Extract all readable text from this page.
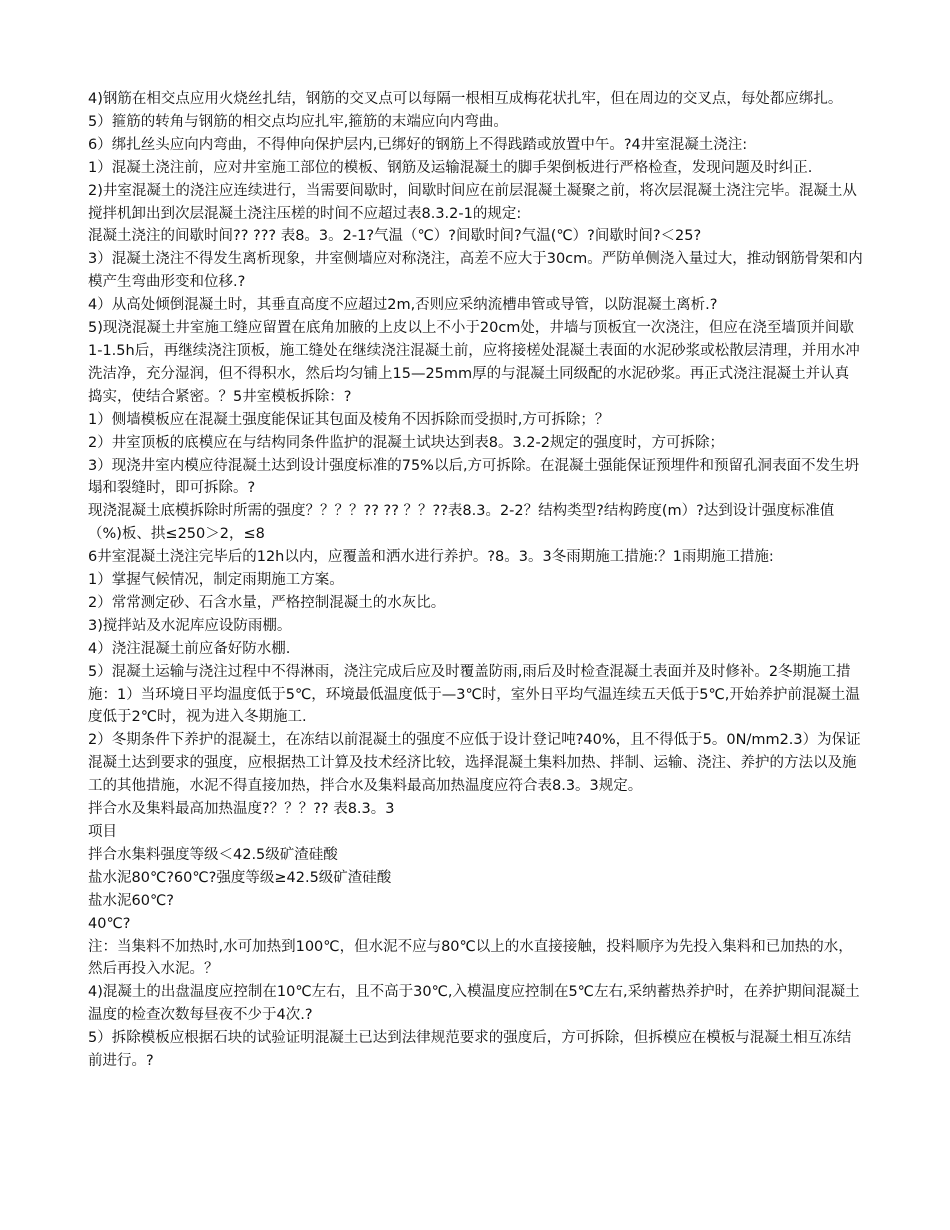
4)钢筋在相交点应用火烧丝扎结，钢筋的交叉点可以每隔一根相互成梅花状扎牢，但在周边的交叉点，每处都应绑扎。

5）箍筋的转角与钢筋的相交点均应扎牢,箍筋的末端应向内弯曲。

6）绑扎丝头应向内弯曲，不得伸向保护层内,已绑好的钢筋上不得践踏或放置中午。?4井室混凝土浇注:

1）混凝土浇注前，应对井室施工部位的模板、钢筋及运输混凝土的脚手架倒板进行严格检查，发现问题及时纠正.

2)井室混凝土的浇注应连续进行，当需要间歇时，间歇时间应在前层混凝土凝聚之前，将次层混凝土浇注完毕。混凝土从搅拌机卸出到次层混凝土浇注压槎的时间不应超过表8.3.2-1的规定:

混凝土浇注的间歇时间?? ??? 表8。3。2-1?气温（℃）?间歇时间?气温(℃）?间歇时间?＜25?

3）混凝土浇注不得发生离析现象，井室侧墙应对称浇注，高差不应大于30cm。严防单侧浇入量过大，推动钢筋骨架和内模产生弯曲形变和位移.?

4）从高处倾倒混凝土时，其垂直高度不应超过2m,否则应采纳流槽串管或导管，以防混凝土离析.?

5)现浇混凝土井室施工缝应留置在底角加腋的上皮以上不小于20cm处，井墙与顶板宜一次浇注，但应在浇至墙顶并间歇1-1.5h后，再继续浇注顶板，施工缝处在继续浇注混凝土前，应将接槎处混凝土表面的水泥砂浆或松散层清理，并用水冲洗洁净，充分湿润，但不得积水，然后均匀铺上15—25mm厚的与混凝土同级配的水泥砂浆。再正式浇注混凝土并认真捣实，使结合紧密。？5井室模板拆除：?

1）侧墙模板应在混凝土强度能保证其包面及棱角不因拆除而受损时,方可拆除；？

2）井室顶板的底模应在与结构同条件监护的混凝土试块达到表8。3.2-2规定的强度时，方可拆除；

3）现浇井室内模应待混凝土达到设计强度标准的75%以后,方可拆除。在混凝土强能保证预埋件和预留孔洞表面不发生坍塌和裂缝时，即可拆除。?

现浇混凝土底模拆除时所需的强度？？？？?? ?? ？？??表8.3。2-2？结构类型?结构跨度(m）?达到设计强度标准值（%)板、拱≤250＞2，≤8

6井室混凝土浇注完毕后的12h以内，应覆盖和洒水进行养护。?8。3。3冬雨期施工措施:？1雨期施工措施:

1）掌握气候情况，制定雨期施工方案。

2）常常测定砂、石含水量，严格控制混凝土的水灰比。

3)搅拌站及水泥库应设防雨棚。

4）浇注混凝土前应备好防水棚.

5）混凝土运输与浇注过程中不得淋雨，浇注完成后应及时覆盖防雨,雨后及时检查混凝土表面并及时修补。2冬期施工措施：1）当环境日平均温度低于5℃，环境最低温度低于—3℃时，室外日平均气温连续五天低于5℃,开始养护前混凝土温度低于2℃时，视为进入冬期施工.

2）冬期条件下养护的混凝土，在冻结以前混凝土的强度不应低于设计登记吨?40%，且不得低于5。0N/mm2.3）为保证混凝土达到要求的强度，应根据热工计算及技术经济比较，选择混凝土集料加热、拌制、运输、浇注、养护的方法以及施工的其他措施，水泥不得直接加热，拌合水及集料最高加热温度应符合表8.3。3规定。

拌合水及集料最高加热温度?？？？?? 表8.3。3

项目

拌合水集料强度等级＜42.5级矿渣硅酸

盐水泥80℃?60℃?强度等级≥42.5级矿渣硅酸

盐水泥60℃?

40℃?

注：当集料不加热时,水可加热到100℃，但水泥不应与80℃以上的水直接接触，投料顺序为先投入集料和已加热的水，然后再投入水泥。？

4)混凝土的出盘温度应控制在10℃左右，且不高于30℃,入模温度应控制在5℃左右,采纳蓄热养护时，在养护期间混凝土温度的检查次数每昼夜不少于4次.?

5）拆除模板应根据石块的试验证明混凝土已达到法律规范要求的强度后，方可拆除，但拆模应在模板与混凝土相互冻结前进行。?
